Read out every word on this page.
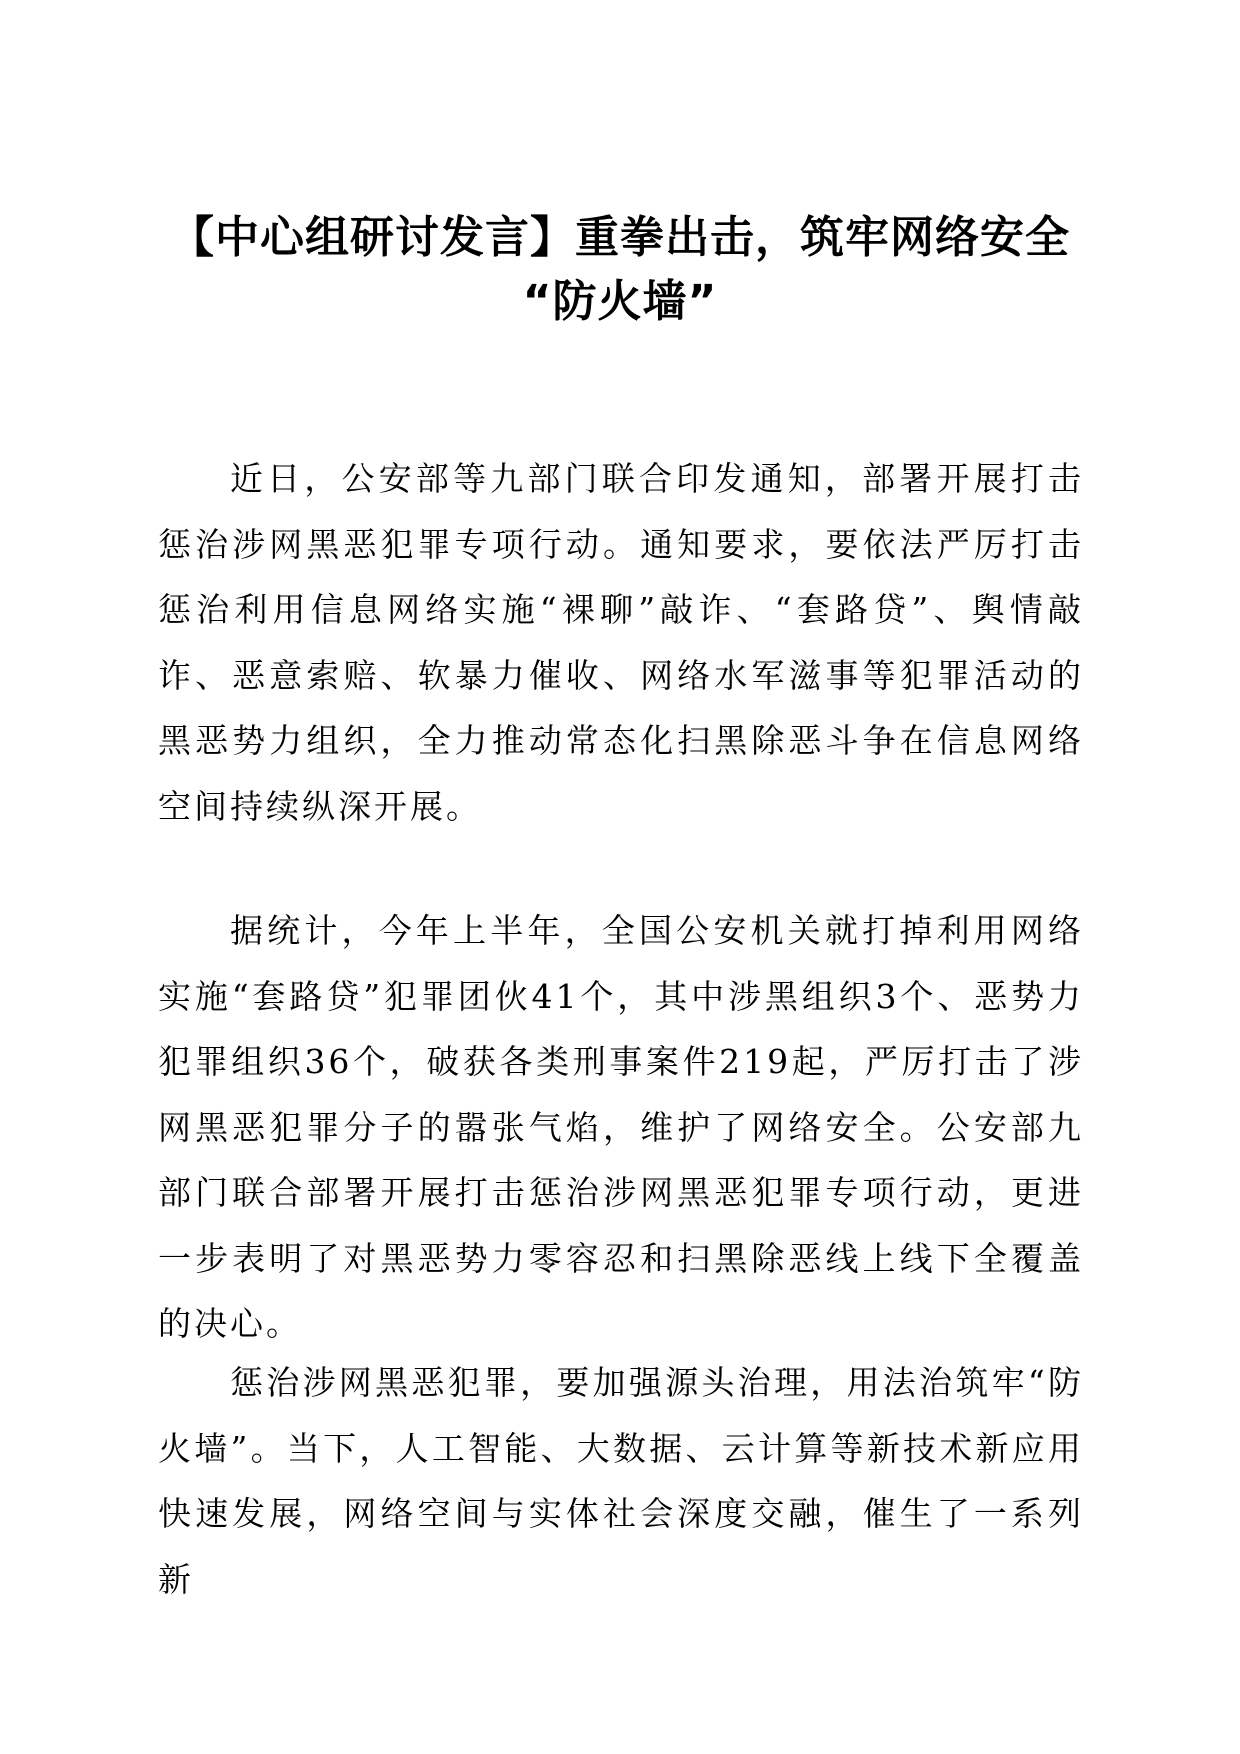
【中心组研讨发言】重拳出击，筑牢网络安全
“防火墙”

近日，公安部等九部门联合印发通知，部署开展打击惩治涉网黑恶犯罪专项行动。通知要求，要依法严厉打击惩治利用信息网络实施“裸聊”敲诈、“套路贷”、舆情敲诈、恶意索赔、软暴力催收、网络水军滋事等犯罪活动的黑恶势力组织，全力推动常态化扫黑除恶斗争在信息网络空间持续纵深开展。

据统计，今年上半年，全国公安机关就打掉利用网络实施“套路贷”犯罪团伙41个，其中涉黑组织3个、恶势力犯罪组织36个，破获各类刑事案件219起，严厉打击了涉网黑恶犯罪分子的嚣张气焰，维护了网络安全。公安部九部门联合部署开展打击惩治涉网黑恶犯罪专项行动，更进一步表明了对黑恶势力零容忍和扫黑除恶线上线下全覆盖的决心。

惩治涉网黑恶犯罪，要加强源头治理，用法治筑牢“防火墙”。当下，人工智能、大数据、云计算等新技术新应用快速发展，网络空间与实体社会深度交融，催生了一系列新
